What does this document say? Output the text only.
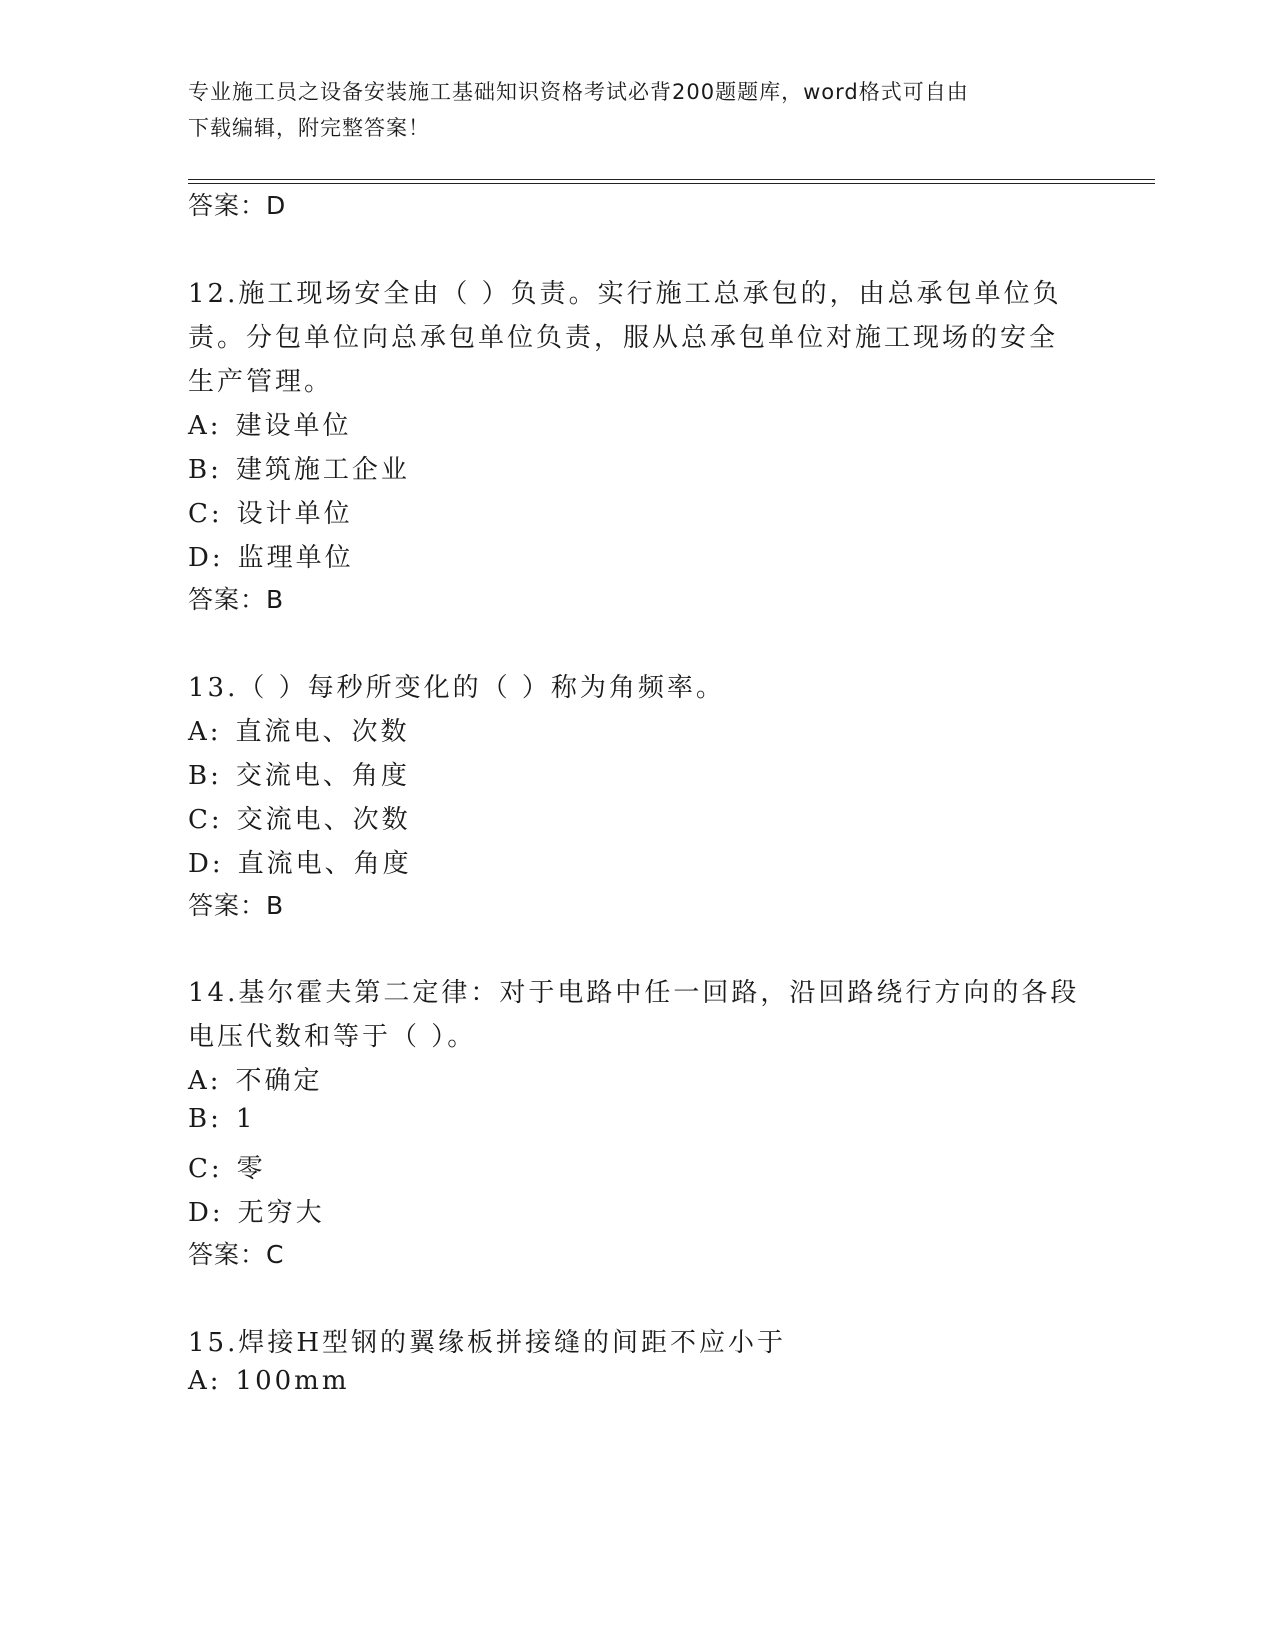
专业施工员之设备安装施工基础知识资格考试必背200题题库，word格式可自由
下载编辑，附完整答案！
答案：D
12.施工现场安全由（ ）负责。实行施工总承包的，由总承包单位负
责。分包单位向总承包单位负责，服从总承包单位对施工现场的安全
生产管理。
A: 建设单位
B: 建筑施工企业
C: 设计单位
D: 监理单位
答案：B
13.（ ）每秒所变化的（ ）称为角频率。
A: 直流电、次数
B: 交流电、角度
C: 交流电、次数
D: 直流电、角度
答案：B
14.基尔霍夫第二定律：对于电路中任一回路，沿回路绕行方向的各段
电压代数和等于（ ）。
A: 不确定
B: 1
C: 零
D: 无穷大
答案：C
15.焊接H型钢的翼缘板拼接缝的间距不应小于
A: 100mm
